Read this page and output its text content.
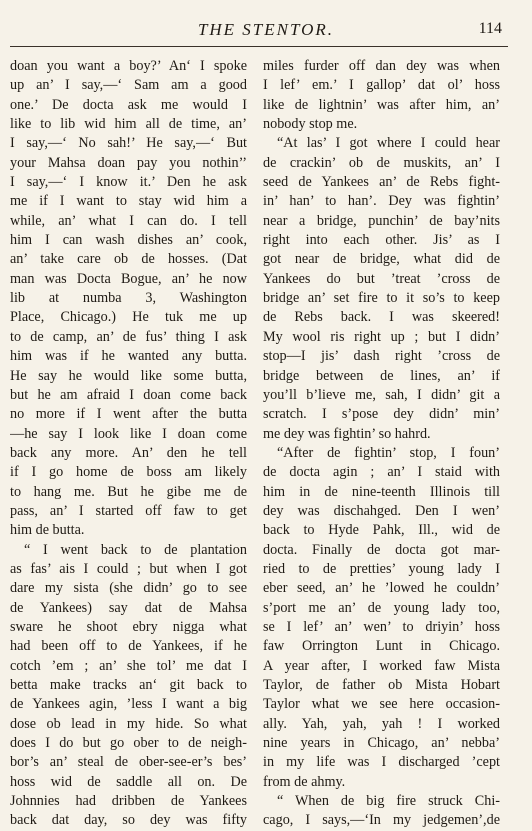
THE STENTOR.	114
doan you want a boy?’ An‘ I spoke
up an’ I say,—‘ Sam am a good
one.’ De docta ask me would I
like to lib wid him all de time, an’
I say,—‘ No sah!’ He say,—‘ But
your Mahsa doan pay you nothin’’
I say,—‘ I know it.’ Den he ask
me if I want to stay wid him a
while, an’ what I can do. I tell
him I can wash dishes an’ cook,
an’ take care ob de hosses. (Dat
man was Docta Bogue, an’ he now
lib at numba 3, Washington
Place, Chicago.) He tuk me up
to de camp, an’ de fus’ thing I ask
him was if he wanted any butta.
He say he would like some butta,
but he am afraid I doan come back
no more if I went after the butta
—he say I look like I doan come
back any more. An’ den he tell
if I go home de boss am likely
to hang me. But he gibe me de
pass, an’ I started off faw to get
him de butta.
“ I went back to de plantation
as fas’ ais I could ; but when I got
dare my sista (she didn’ go to see
de Yankees) say dat de Mahsa
sware he shoot ebry nigga what
had been off to de Yankees, if he
cotch ’em ; an’ she tol’ me dat I
betta make tracks an‘ git back to
de Yankees agin, ’less I want a big
dose ob lead in my hide. So what
does I do but go ober to de neigh-
bor’s an’ steal de ober-see-er’s bes’
hoss wid de saddle all on. De
Johnnies had dribben de Yankees
back dat day, so dey was fifty
miles furder off dan dey was when
I lef’ em.’ I gallop’ dat ol’ hoss
like de lightnin’ was after him, an’
nobody stop me.
“At las’ I got where I could hear
de crackin’ ob de muskits, an’ I
seed de Yankees an’ de Rebs fight-
in’ han’ to han’. Dey was fightin’
near a bridge, punchin’ de bay’nits
right into each other. Jis’ as I
got near de bridge, what did de
Yankees do but ’treat ’cross de
bridge an’ set fire to it so’s to keep
de Rebs back. I was skeered!
My wool ris right up ; but I didn’
stop—I jis’ dash right ’cross de
bridge between de lines, an’ if
you’ll b’lieve me, sah, I didn’ git a
scratch. I s’pose dey didn’ min’
me dey was fightin’ so hahrd.
“After de fightin’ stop, I foun’
de docta agin ; an’ I staid with
him in de nine-teenth Illinois till
dey was dischahged. Den I wen’
back to Hyde Pahk, Ill., wid de
docta. Finally de docta got mar-
ried to de pretties’ young lady I
eber seed, an’ he ’lowed he couldn’
s’port me an’ de young lady too,
se I lef’ an’ wen’ to driyin’ hoss
faw Orrington Lunt in Chicago.
A year after, I worked faw Mista
Taylor, de father ob Mista Hobart
Taylor what we see here occasion-
ally. Yah, yah, yah ! I worked
nine years in Chicago, an’ nebba’
in my life was I discharged ’cept
from de ahmy.
“ When de big fire struck Chi-
cago, I says,—‘In my jedgemen’,de
